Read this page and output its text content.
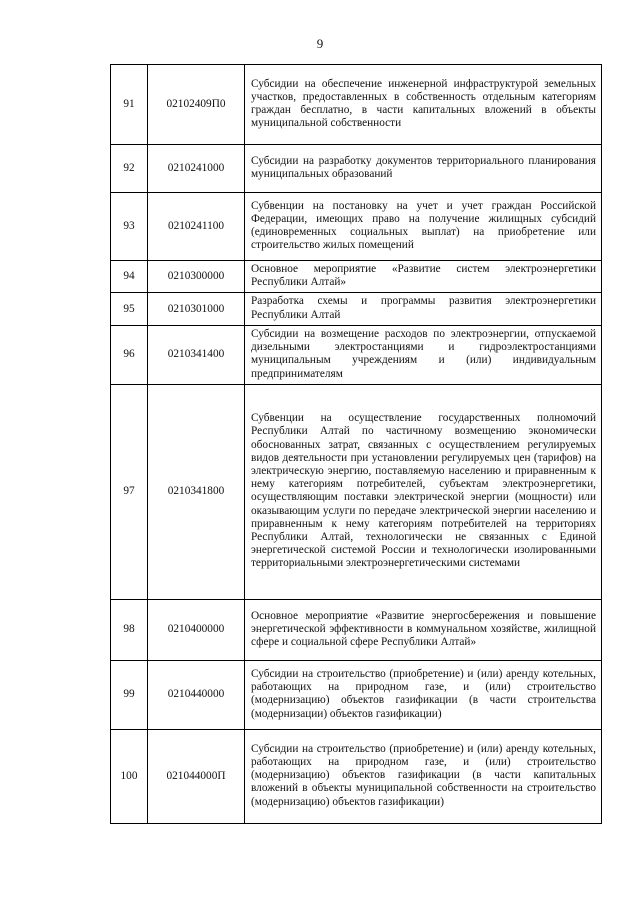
9
91	02102409П0	Субсидии на обеспечение инженерной инфраструктурой земельных участков, предоставленных в собственность отдельным категориям граждан бесплатно, в части капитальных вложений в объекты муниципальной собственности
92	0210241000	Субсидии на разработку документов территориального планирования муниципальных образований
93	0210241100	Субвенции на постановку на учет и учет граждан Российской Федерации, имеющих право на получение жилищных субсидий (единовременных социальных выплат) на приобретение или строительство жилых помещений
94	0210300000	Основное мероприятие «Развитие систем электроэнергетики Республики Алтай»
95	0210301000	Разработка схемы и программы развития электроэнергетики Республики Алтай
96	0210341400	Субсидии на возмещение расходов по электроэнергии, отпускаемой дизельными электростанциями и гидроэлектростанциями муниципальным учреждениям и (или) индивидуальным предпринимателям
97	0210341800	Субвенции на осуществление государственных полномочий Республики Алтай по частичному возмещению экономически обоснованных затрат, связанных с осуществлением регулируемых видов деятельности при установлении регулируемых цен (тарифов) на электрическую энергию, поставляемую населению и приравненным к нему категориям потребителей, субъектам электроэнергетики, осуществляющим поставки электрической энергии (мощности) или оказывающим услуги по передаче электрической энергии населению и приравненным к нему категориям потребителей на территориях Республики Алтай, технологически не связанных с Единой энергетической системой России и технологически изолированными территориальными электроэнергетическими системами
98	0210400000	Основное мероприятие «Развитие энергосбережения и повышение энергетической эффективности в коммунальном хозяйстве, жилищной сфере и социальной сфере Республики Алтай»
99	0210440000	Субсидии на строительство (приобретение) и (или) аренду котельных, работающих на природном газе, и (или) строительство (модернизацию) объектов газификации (в части строительства (модернизации) объектов газификации)
100	021044000П	Субсидии на строительство (приобретение) и (или) аренду котельных, работающих на природном газе, и (или) строительство (модернизацию) объектов газификации (в части капитальных вложений в объекты муниципальной собственности на строительство (модернизацию) объектов газификации)
